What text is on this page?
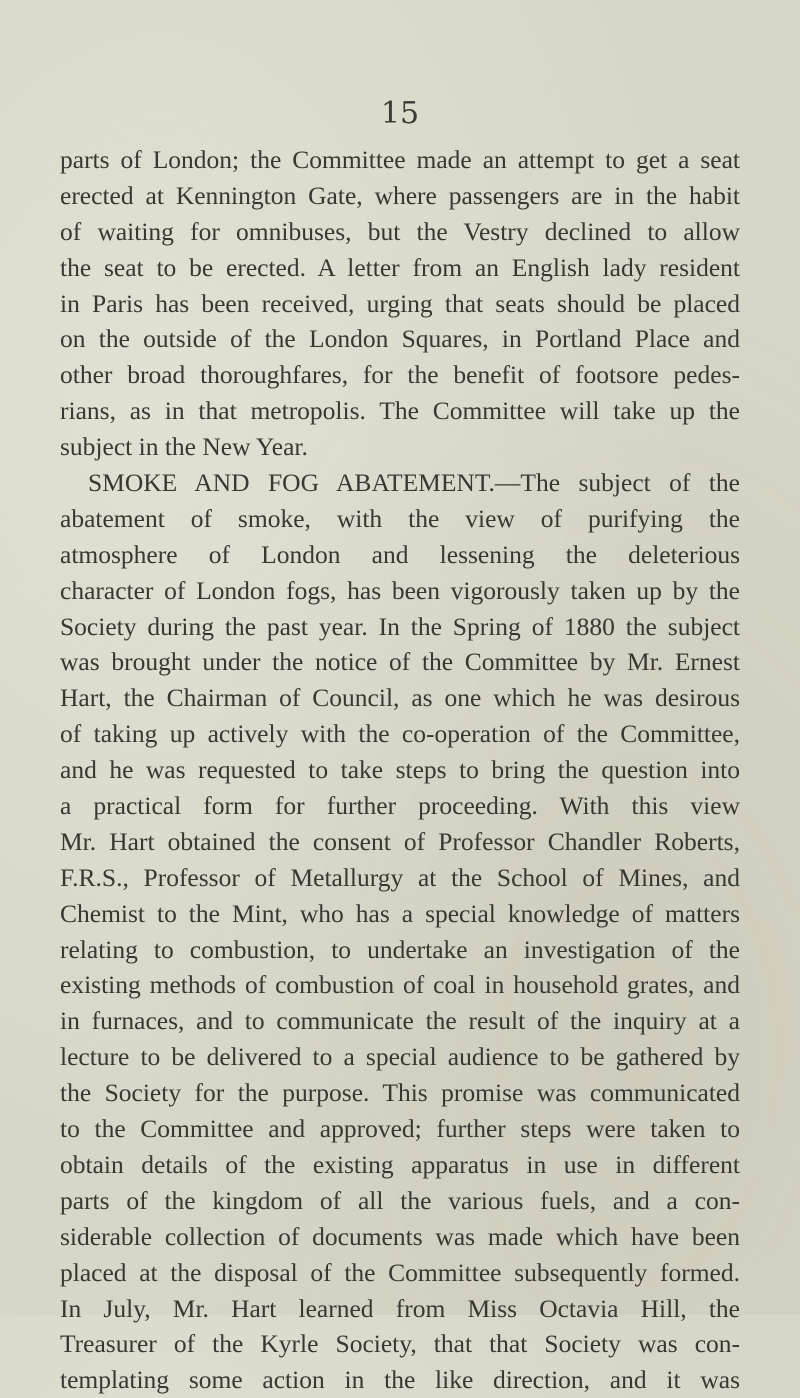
15
parts of London; the Committee made an attempt to get a seat
erected at Kennington Gate, where passengers are in the habit
of waiting for omnibuses, but the Vestry declined to allow
the seat to be erected. A letter from an English lady resident
in Paris has been received, urging that seats should be placed
on the outside of the London Squares, in Portland Place and
other broad thoroughfares, for the benefit of footsore pedes-
rians, as in that metropolis. The Committee will take up the
subject in the New Year.
SMOKE AND FOG ABATEMENT.—The subject of the
abatement of smoke, with the view of purifying the
atmosphere of London and lessening the deleterious
character of London fogs, has been vigorously taken up by the
Society during the past year. In the Spring of 1880 the subject
was brought under the notice of the Committee by Mr. Ernest
Hart, the Chairman of Council, as one which he was desirous
of taking up actively with the co-operation of the Committee,
and he was requested to take steps to bring the question into
a practical form for further proceeding. With this view
Mr. Hart obtained the consent of Professor Chandler Roberts,
F.R.S., Professor of Metallurgy at the School of Mines, and
Chemist to the Mint, who has a special knowledge of matters
relating to combustion, to undertake an investigation of the
existing methods of combustion of coal in household grates, and
in furnaces, and to communicate the result of the inquiry at a
lecture to be delivered to a special audience to be gathered by
the Society for the purpose. This promise was communicated
to the Committee and approved; further steps were taken to
obtain details of the existing apparatus in use in different
parts of the kingdom of all the various fuels, and a con-
siderable collection of documents was made which have been
placed at the disposal of the Committee subsequently formed.
In July, Mr. Hart learned from Miss Octavia Hill, the
Treasurer of the Kyrle Society, that that Society was con-
templating some action in the like direction, and it was
